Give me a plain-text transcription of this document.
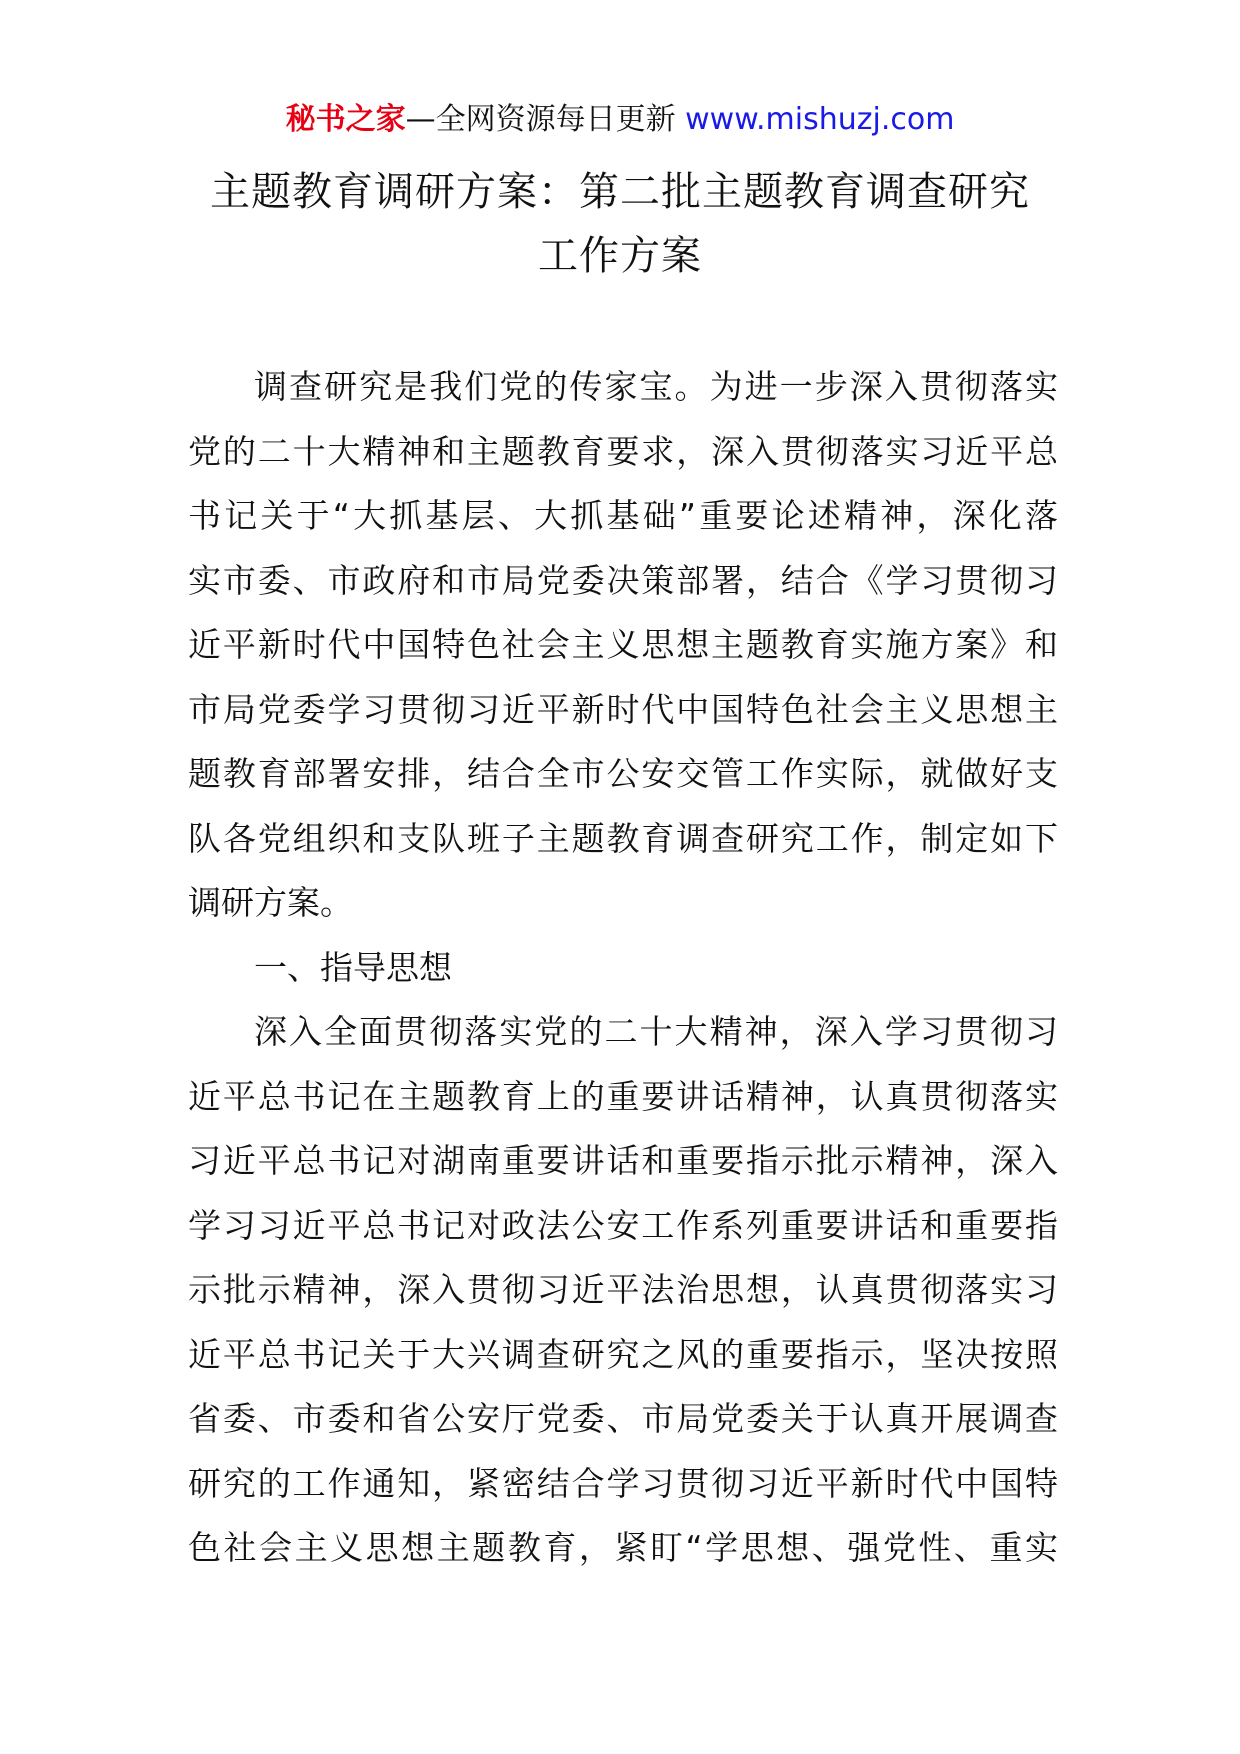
秘书之家—全网资源每日更新 www.mishuzj.com
主题教育调研方案：第二批主题教育调查研究
工作方案
调查研究是我们党的传家宝。为进一步深入贯彻落实
党的二十大精神和主题教育要求，深入贯彻落实习近平总
书记关于“大抓基层、大抓基础”重要论述精神，深化落
实市委、市政府和市局党委决策部署，结合《学习贯彻习
近平新时代中国特色社会主义思想主题教育实施方案》和
市局党委学习贯彻习近平新时代中国特色社会主义思想主
题教育部署安排，结合全市公安交管工作实际，就做好支
队各党组织和支队班子主题教育调查研究工作，制定如下
调研方案。
一、指导思想
深入全面贯彻落实党的二十大精神，深入学习贯彻习
近平总书记在主题教育上的重要讲话精神，认真贯彻落实
习近平总书记对湖南重要讲话和重要指示批示精神，深入
学习习近平总书记对政法公安工作系列重要讲话和重要指
示批示精神，深入贯彻习近平法治思想，认真贯彻落实习
近平总书记关于大兴调查研究之风的重要指示，坚决按照
省委、市委和省公安厅党委、市局党委关于认真开展调查
研究的工作通知，紧密结合学习贯彻习近平新时代中国特
色社会主义思想主题教育，紧盯“学思想、强党性、重实
